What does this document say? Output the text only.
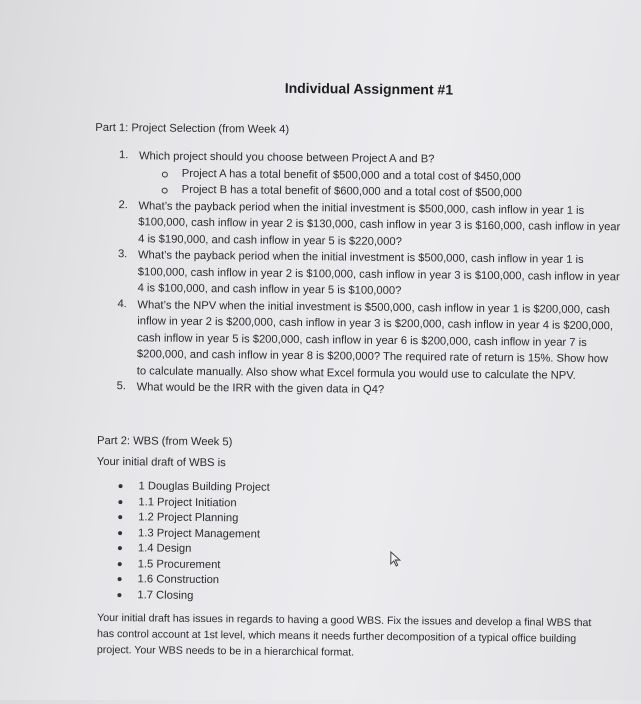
Individual Assignment #1
Part 1: Project Selection (from Week 4)
1. Which project should you choose between Project A and B?
Project A has a total benefit of $500,000 and a total cost of $450,000
Project B has a total benefit of $600,000 and a total cost of $500,000
2. What’s the payback period when the initial investment is $500,000, cash inflow in year 1 is
$100,000, cash inflow in year 2 is $130,000, cash inflow in year 3 is $160,000, cash inflow in year
4 is $190,000, and cash inflow in year 5 is $220,000?
3. What’s the payback period when the initial investment is $500,000, cash inflow in year 1 is
$100,000, cash inflow in year 2 is $100,000, cash inflow in year 3 is $100,000, cash inflow in year
4 is $100,000, and cash inflow in year 5 is $100,000?
4. What’s the NPV when the initial investment is $500,000, cash inflow in year 1 is $200,000, cash
inflow in year 2 is $200,000, cash inflow in year 3 is $200,000, cash inflow in year 4 is $200,000,
cash inflow in year 5 is $200,000, cash inflow in year 6 is $200,000, cash inflow in year 7 is
$200,000, and cash inflow in year 8 is $200,000? The required rate of return is 15%. Show how
to calculate manually. Also show what Excel formula you would use to calculate the NPV.
5. What would be the IRR with the given data in Q4?
Part 2: WBS (from Week 5)
Your initial draft of WBS is
1 Douglas Building Project
1.1 Project Initiation
1.2 Project Planning
1.3 Project Management
1.4 Design
1.5 Procurement
1.6 Construction
1.7 Closing
Your initial draft has issues in regards to having a good WBS. Fix the issues and develop a final WBS that
has control account at 1st level, which means it needs further decomposition of a typical office building
project. Your WBS needs to be in a hierarchical format.
